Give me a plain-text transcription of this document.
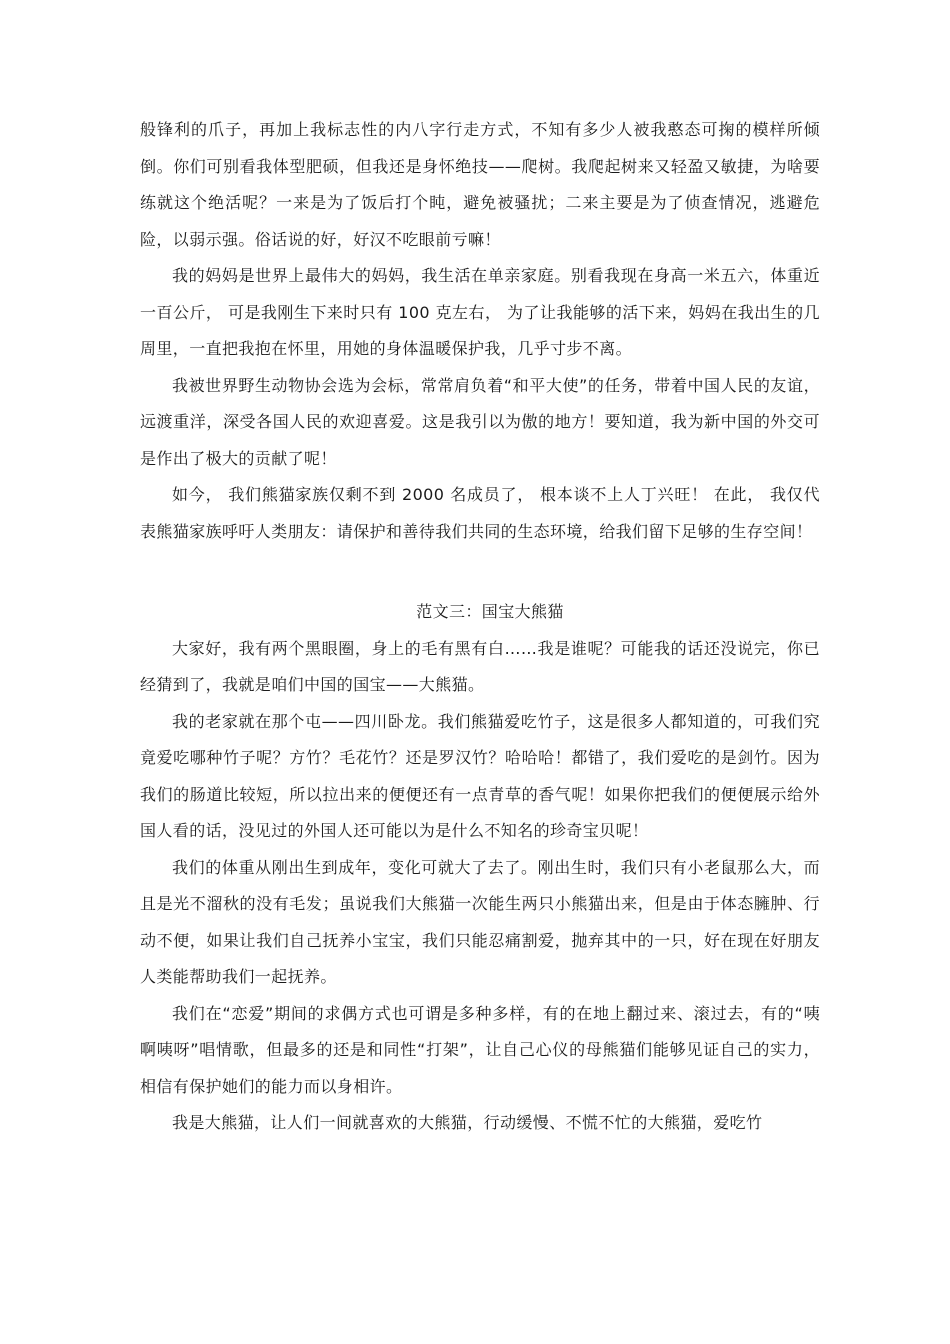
般锋利的爪子，再加上我标志性的内八字行走方式，不知有多少人被我憨态可掬的模样所倾倒。你们可别看我体型肥硕，但我还是身怀绝技——爬树。我爬起树来又轻盈又敏捷，为啥要练就这个绝活呢？一来是为了饭后打个盹，避免被骚扰；二来主要是为了侦查情况，逃避危险，以弱示强。俗话说的好，好汉不吃眼前亏嘛！

我的妈妈是世界上最伟大的妈妈，我生活在单亲家庭。别看我现在身高一米五六，体重近一百公斤， 可是我刚生下来时只有 100 克左右， 为了让我能够的活下来，妈妈在我出生的几周里，一直把我抱在怀里，用她的身体温暖保护我，几乎寸步不离。

我被世界野生动物协会选为会标，常常肩负着“和平大使”的任务，带着中国人民的友谊，远渡重洋，深受各国人民的欢迎喜爱。这是我引以为傲的地方！要知道，我为新中国的外交可是作出了极大的贡献了呢！

如今， 我们熊猫家族仅剩不到 2000 名成员了， 根本谈不上人丁兴旺！ 在此， 我仅代表熊猫家族呼吁人类朋友：请保护和善待我们共同的生态环境，给我们留下足够的生存空间！

范文三：国宝大熊猫

大家好，我有两个黑眼圈，身上的毛有黑有白……我是谁呢？可能我的话还没说完，你已经猜到了，我就是咱们中国的国宝——大熊猫。

我的老家就在那个屯——四川卧龙。我们熊猫爱吃竹子，这是很多人都知道的，可我们究竟爱吃哪种竹子呢？方竹？毛花竹？还是罗汉竹？哈哈哈！都错了，我们爱吃的是剑竹。因为我们的肠道比较短，所以拉出来的便便还有一点青草的香气呢！如果你把我们的便便展示给外国人看的话，没见过的外国人还可能以为是什么不知名的珍奇宝贝呢！

我们的体重从刚出生到成年，变化可就大了去了。刚出生时，我们只有小老鼠那么大，而且是光不溜秋的没有毛发；虽说我们大熊猫一次能生两只小熊猫出来，但是由于体态臃肿、行动不便，如果让我们自己抚养小宝宝，我们只能忍痛割爱，抛弃其中的一只，好在现在好朋友人类能帮助我们一起抚养。

我们在“恋爱”期间的求偶方式也可谓是多种多样，有的在地上翻过来、滚过去，有的“咦啊咦呀”唱情歌，但最多的还是和同性“打架”，让自己心仪的母熊猫们能够见证自己的实力，相信有保护她们的能力而以身相许。

我是大熊猫，让人们一间就喜欢的大熊猫，行动缓慢、不慌不忙的大熊猫，爱吃竹
